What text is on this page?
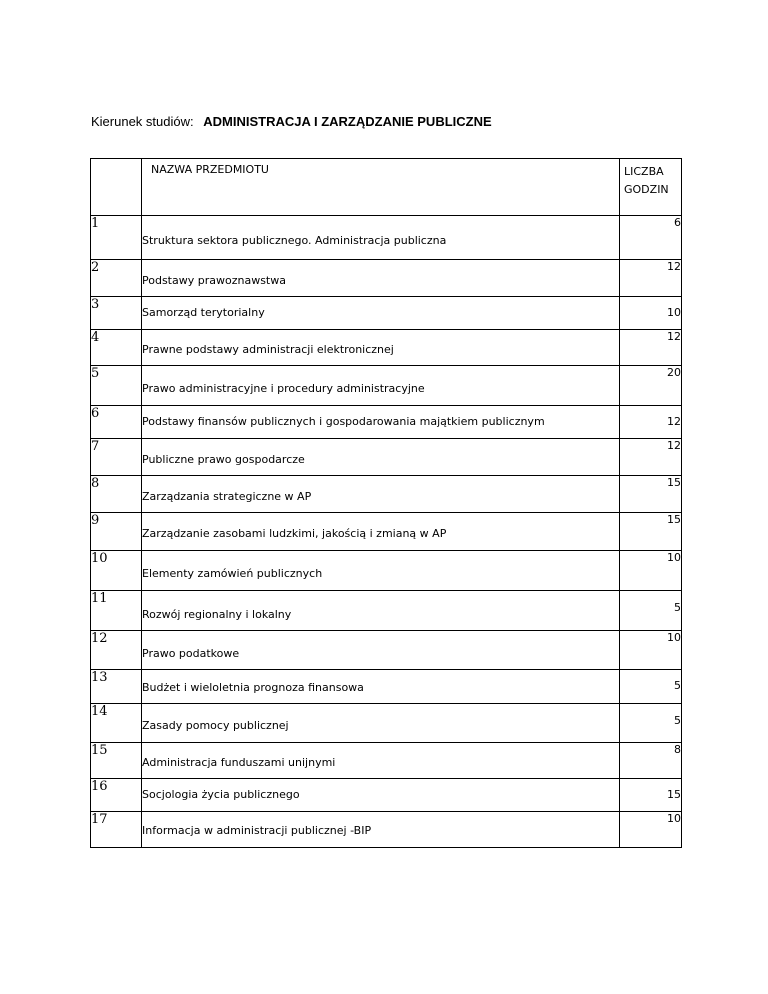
Kierunek studiów: ADMINISTRACJA I ZARZĄDZANIE PUBLICZNE
	NAZWA PRZEDMIOTU	LICZBA
GODZIN
1	Struktura sektora publicznego. Administracja publiczna	6
2	Podstawy prawoznawstwa	12
3	Samorząd terytorialny	10
4	Prawne podstawy administracji elektronicznej	12
5	Prawo administracyjne i procedury administracyjne	20
6	Podstawy finansów publicznych i gospodarowania majątkiem publicznym	12
7	Publiczne prawo gospodarcze	12
8	Zarządzania strategiczne w AP	15
9	Zarządzanie zasobami ludzkimi, jakością i zmianą w AP	15
10	Elementy zamówień publicznych	10
11	Rozwój regionalny i lokalny	5
12	Prawo podatkowe	10
13	Budżet i wieloletnia prognoza finansowa	5
14	Zasady pomocy publicznej	5
15	Administracja funduszami unijnymi	8
16	Socjologia życia publicznego	15
17	Informacja w administracji publicznej -BIP	10
